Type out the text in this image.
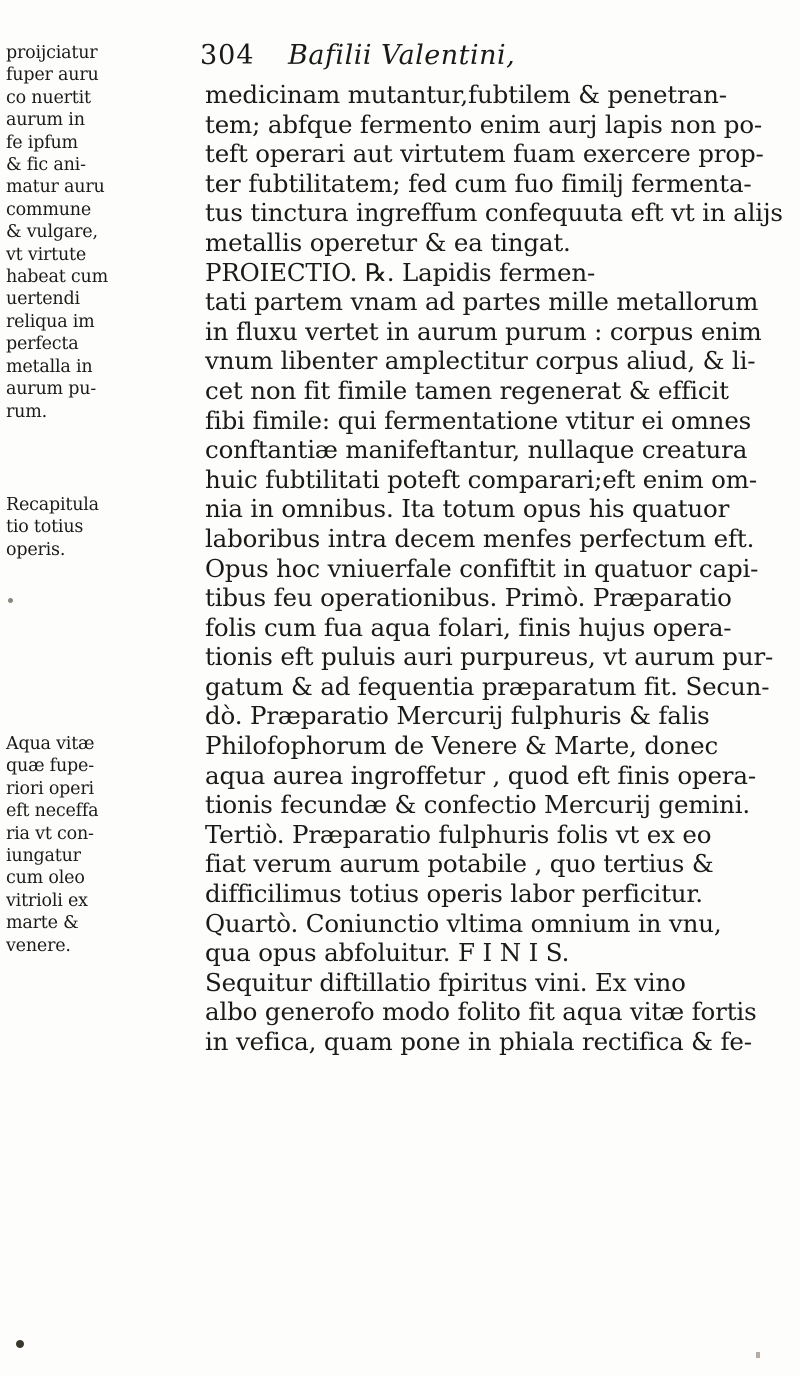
304 Bafilii Valentini,
proijciatur
fuper auru
co nuertit
aurum in
fe ipfum
& fic ani-
matur auru
commune
& vulgare,
vt virtute
habeat cum
uertendi
reliqua im
perfecta
metalla in
aurum pu-
rum.
Recapitula
tio totius
operis.
Aqua vitæ
quæ fupe-
riori operi
eft neceffa
ria vt con-
iungatur
cum oleo
vitrioli ex
marte &
venere.
medicinam mutantur,fubtilem & penetran-
tem; abfque fermento enim aurj lapis non po-
teft operari aut virtutem fuam exercere prop-
ter fubtilitatem; fed cum fuo fimilj fermenta-
tus tinctura ingreffum confequuta eft vt in alijs
metallis operetur & ea tingat.
PROIECTIO. ℞. Lapidis fermen-
tati partem vnam ad partes mille metallorum
in fluxu vertet in aurum purum : corpus enim
vnum libenter amplectitur corpus aliud, & li-
cet non fit fimile tamen regenerat & efficit
fibi fimile: qui fermentatione vtitur ei omnes
conftantiæ manifeftantur, nullaque creatura
huic fubtilitati poteft comparari;eft enim om-
nia in omnibus. Ita totum opus his quatuor
laboribus intra decem menfes perfectum eft.
Opus hoc vniuerfale confiftit in quatuor capi-
tibus feu operationibus. Primò. Præparatio
folis cum fua aqua folari, finis hujus opera-
tionis eft puluis auri purpureus, vt aurum pur-
gatum & ad fequentia præparatum fit. Secun-
dò. Præparatio Mercurij fulphuris & falis
Philofophorum de Venere & Marte, donec
aqua aurea ingroffetur , quod eft finis opera-
tionis fecundæ & confectio Mercurij gemini.
Tertiò. Præparatio fulphuris folis vt ex eo
fiat verum aurum potabile , quo tertius &
difficilimus totius operis labor perficitur.
Quartò. Coniunctio vltima omnium in vnu,
qua opus abfoluitur. F I N I S.
Sequitur diftillatio fpiritus vini. Ex vino
albo generofo modo folito fit aqua vitæ fortis
in vefica, quam pone in phiala rectifica & fe-
